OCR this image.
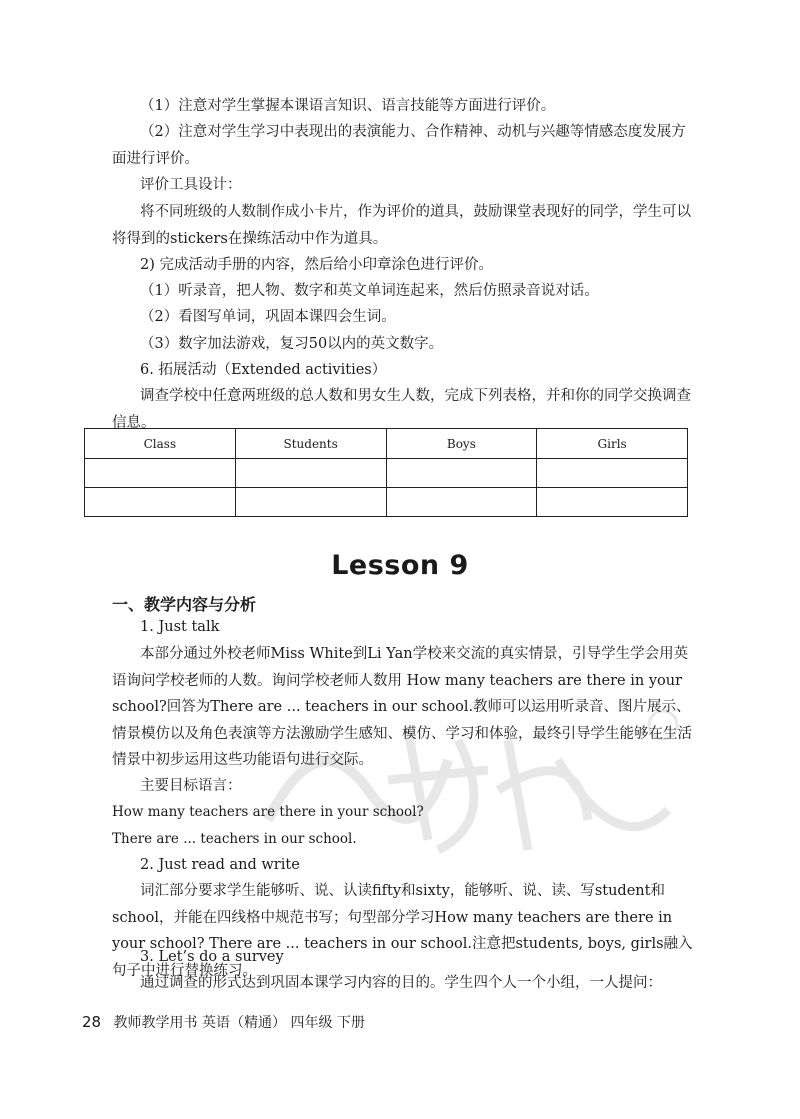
（1）注意对学生掌握本课语言知识、语言技能等方面进行评价。
（2）注意对学生学习中表现出的表演能力、合作精神、动机与兴趣等情感态度发展方面进行评价。
评价工具设计：
将不同班级的人数制作成小卡片，作为评价的道具，鼓励课堂表现好的同学，学生可以将得到的stickers在操练活动中作为道具。
2) 完成活动手册的内容，然后给小印章涂色进行评价。
（1）听录音，把人物、数字和英文单词连起来，然后仿照录音说对话。
（2）看图写单词，巩固本课四会生词。
（3）数字加法游戏，复习50以内的英文数字。
6. 拓展活动（Extended activities）
调查学校中任意两班级的总人数和男女生人数，完成下列表格，并和你的同学交换调查信息。
Class	Students	Boys	Girls

Lesson 9
一、教学内容与分析
1. Just talk
本部分通过外校老师Miss White到Li Yan学校来交流的真实情景，引导学生学会用英语询问学校老师的人数。询问学校老师人数用 How many teachers are there in your school?回答为There are ... teachers in our school.教师可以运用听录音、图片展示、情景模仿以及角色表演等方法激励学生感知、模仿、学习和体验，最终引导学生能够在生活情景中初步运用这些功能语句进行交际。
主要目标语言：
How many teachers are there in your school?
There are ... teachers in our school.
2. Just read and write
词汇部分要求学生能够听、说、认读fifty和sixty，能够听、说、读、写student和school，并能在四线格中规范书写；句型部分学习How many teachers are there in your school? There are ... teachers in our school.注意把students, boys, girls融入句子中进行替换练习。
3. Let’s do a survey
通过调查的形式达到巩固本课学习内容的目的。学生四个人一个小组，一人提问：
28 教师教学用书 英语（精通） 四年级 下册
